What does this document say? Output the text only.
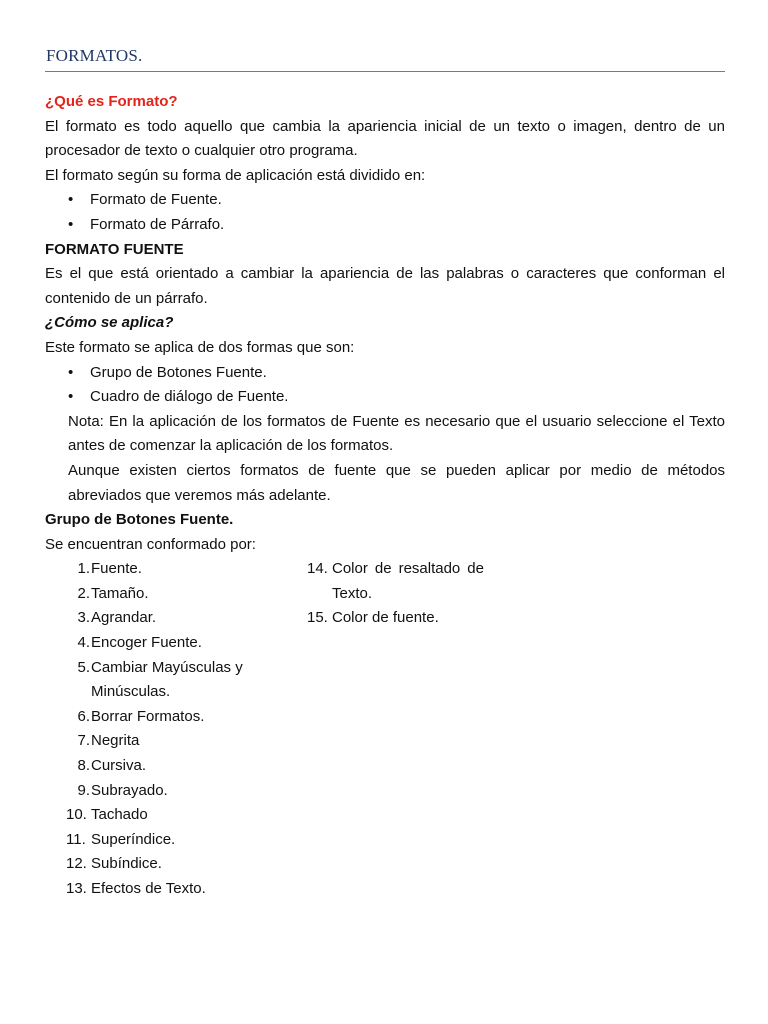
FORMATOS.

¿Qué es Formato?

El formato es todo aquello que cambia la apariencia inicial de un texto o imagen, dentro de un procesador de texto o cualquier otro programa.

El formato según su forma de aplicación está dividido en:

• Formato de Fuente.
• Formato de Párrafo.

FORMATO FUENTE

Es el que está orientado a cambiar la apariencia de las palabras o caracteres que conforman el contenido de un párrafo.

¿Cómo se aplica?

Este formato se aplica de dos formas que son:

• Grupo de Botones Fuente.
• Cuadro de diálogo de Fuente.

Nota: En la aplicación de los formatos de Fuente es necesario que el usuario seleccione el Texto antes de comenzar la aplicación de los formatos.

Aunque existen ciertos formatos de fuente que se pueden aplicar por medio de métodos abreviados que veremos más adelante.

Grupo de Botones Fuente.

Se encuentran conformado por:

1. Fuente.
2. Tamaño.
3. Agrandar.
4. Encoger Fuente.
5. Cambiar Mayúsculas y Minúsculas.
6. Borrar Formatos.
7. Negrita
8. Cursiva.
9. Subrayado.
10. Tachado
11. Superíndice.
12. Subíndice.
13. Efectos de Texto.
14. Color de resaltado de Texto.
15. Color de fuente.
